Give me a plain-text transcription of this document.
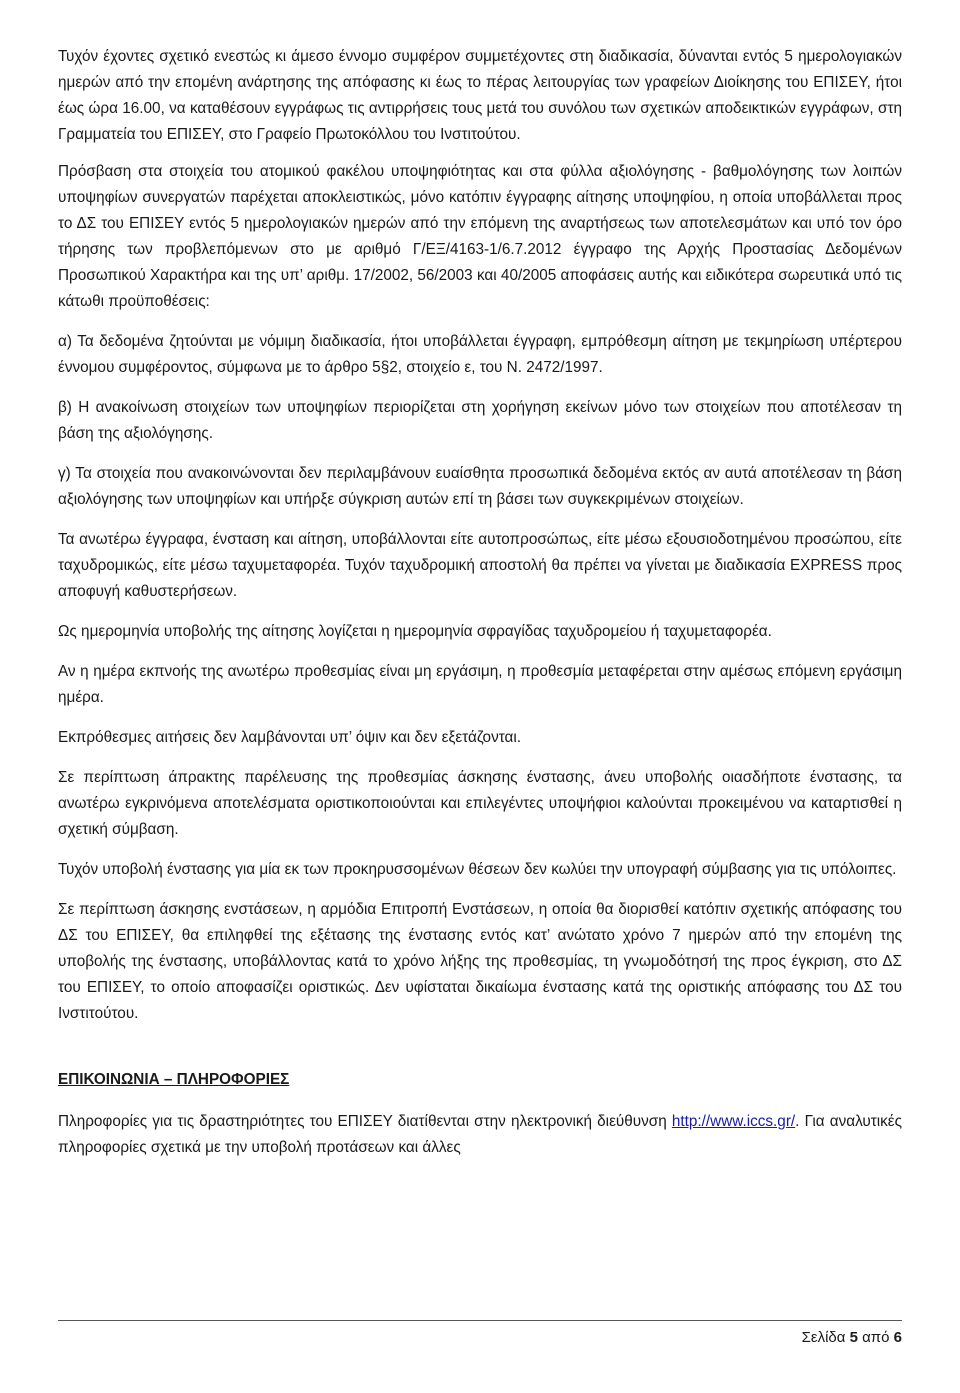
Τυχόν έχοντες σχετικό ενεστώς κι άμεσο έννομο συμφέρον συμμετέχοντες στη διαδικασία, δύνανται εντός 5 ημερολογιακών ημερών από την επομένη ανάρτησης της απόφασης κι έως το πέρας λειτουργίας των γραφείων Διοίκησης του ΕΠΙΣΕΥ, ήτοι έως ώρα 16.00, να καταθέσουν εγγράφως τις αντιρρήσεις τους μετά του συνόλου των σχετικών αποδεικτικών εγγράφων, στη Γραμματεία του ΕΠΙΣΕΥ, στο Γραφείο Πρωτοκόλλου του Ινστιτούτου.

Πρόσβαση στα στοιχεία του ατομικού φακέλου υποψηφιότητας και στα φύλλα αξιολόγησης - βαθμολόγησης των λοιπών υποψηφίων συνεργατών παρέχεται αποκλειστικώς, μόνο κατόπιν έγγραφης αίτησης υποψηφίου, η οποία υποβάλλεται προς το ΔΣ του ΕΠΙΣΕΥ εντός 5 ημερολογιακών ημερών από την επόμενη της αναρτήσεως των αποτελεσμάτων και υπό τον όρο τήρησης των προβλεπόμενων στο με αριθμό Γ/ΕΞ/4163-1/6.7.2012 έγγραφο της Αρχής Προστασίας Δεδομένων Προσωπικού Χαρακτήρα και της υπ’ αριθμ. 17/2002, 56/2003 και 40/2005 αποφάσεις αυτής και ειδικότερα σωρευτικά υπό τις κάτωθι προϋποθέσεις:

α) Τα δεδομένα ζητούνται με νόμιμη διαδικασία, ήτοι υποβάλλεται έγγραφη, εμπρόθεσμη αίτηση με τεκμηρίωση υπέρτερου έννομου συμφέροντος, σύμφωνα με το άρθρο 5§2, στοιχείο ε, του Ν. 2472/1997.

β) Η ανακοίνωση στοιχείων των υποψηφίων περιορίζεται στη χορήγηση εκείνων μόνο των στοιχείων που αποτέλεσαν τη βάση της αξιολόγησης.

γ) Τα στοιχεία που ανακοινώνονται δεν περιλαμβάνουν ευαίσθητα προσωπικά δεδομένα εκτός αν αυτά αποτέλεσαν τη βάση αξιολόγησης των υποψηφίων και υπήρξε σύγκριση αυτών επί τη βάσει των συγκεκριμένων στοιχείων.

Τα ανωτέρω έγγραφα, ένσταση και αίτηση, υποβάλλονται είτε αυτοπροσώπως, είτε μέσω εξουσιοδοτημένου προσώπου, είτε ταχυδρομικώς, είτε μέσω ταχυμεταφορέα. Τυχόν ταχυδρομική αποστολή θα πρέπει να γίνεται με διαδικασία EXPRESS προς αποφυγή καθυστερήσεων.

Ως ημερομηνία υποβολής της αίτησης λογίζεται η ημερομηνία σφραγίδας ταχυδρομείου ή ταχυμεταφορέα.

Αν η ημέρα εκπνοής της ανωτέρω προθεσμίας είναι μη εργάσιμη, η προθεσμία μεταφέρεται στην αμέσως επόμενη εργάσιμη ημέρα.

Εκπρόθεσμες αιτήσεις δεν λαμβάνονται υπ’ όψιν και δεν εξετάζονται.

Σε περίπτωση άπρακτης παρέλευσης της προθεσμίας άσκησης ένστασης, άνευ υποβολής οιασδήποτε ένστασης, τα ανωτέρω εγκρινόμενα αποτελέσματα οριστικοποιούνται και επιλεγέντες υποψήφιοι καλούνται προκειμένου να καταρτισθεί η σχετική σύμβαση.

Τυχόν υποβολή ένστασης για μία εκ των προκηρυσσομένων θέσεων δεν κωλύει την υπογραφή σύμβασης για τις υπόλοιπες.

Σε περίπτωση άσκησης ενστάσεων, η αρμόδια Επιτροπή Ενστάσεων, η οποία θα διορισθεί κατόπιν σχετικής απόφασης του ΔΣ του ΕΠΙΣΕΥ, θα επιληφθεί της εξέτασης της ένστασης εντός κατ’ ανώτατο χρόνο 7 ημερών από την επομένη της υποβολής της ένστασης, υποβάλλοντας κατά το χρόνο λήξης της προθεσμίας, τη γνωμοδότησή της προς έγκριση, στο ΔΣ του ΕΠΙΣΕΥ, το οποίο αποφασίζει οριστικώς. Δεν υφίσταται δικαίωμα ένστασης κατά της οριστικής απόφασης του ΔΣ του Ινστιτούτου.

ΕΠΙΚΟΙΝΩΝΙΑ – ΠΛΗΡΟΦΟΡΙΕΣ

Πληροφορίες για τις δραστηριότητες του ΕΠΙΣΕΥ διατίθενται στην ηλεκτρονική διεύθυνση http://www.iccs.gr/. Για αναλυτικές πληροφορίες σχετικά με την υποβολή προτάσεων και άλλες

Σελίδα 5 από 6
